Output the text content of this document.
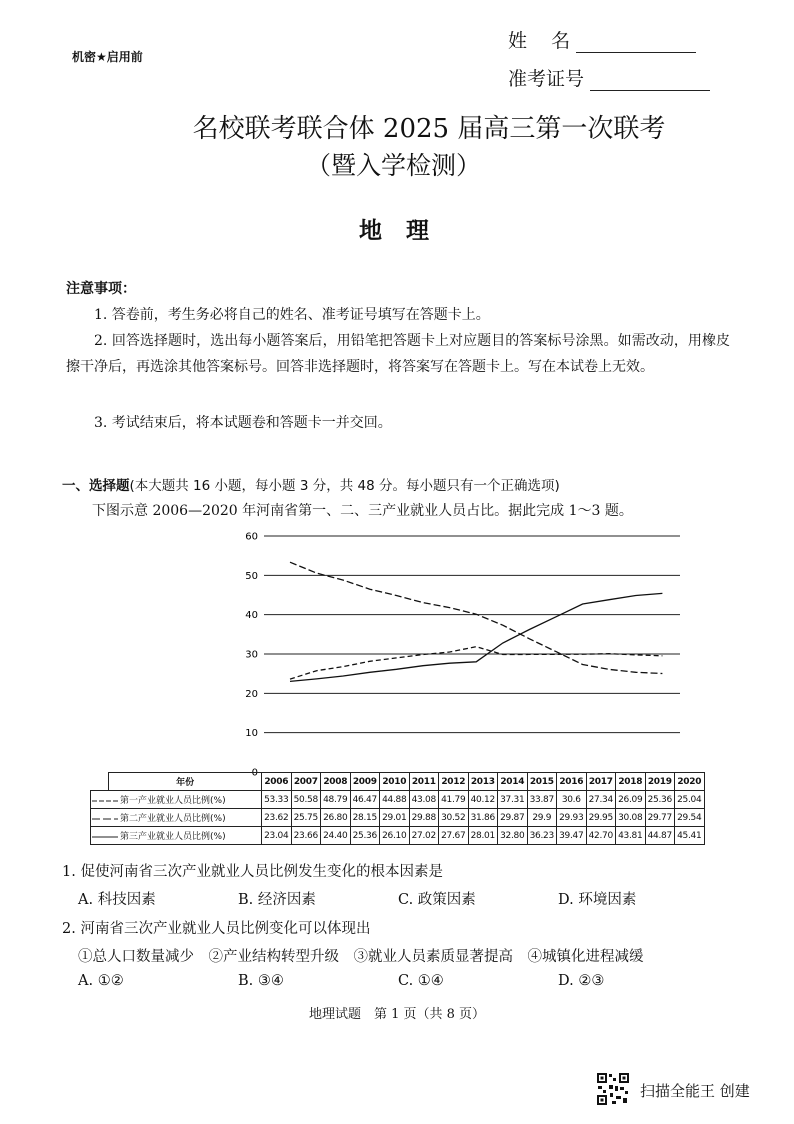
机密★启用前
姓    名
准考证号
名校联考联合体 2025 届高三第一次联考
（暨入学检测）
地理
注意事项：
1. 答卷前，考生务必将自己的姓名、准考证号填写在答题卡上。
2. 回答选择题时，选出每小题答案后，用铅笔把答题卡上对应题目的答案标号涂黑。如需改动，用橡皮擦干净后，再选涂其他答案标号。回答非选择题时，将答案写在答题卡上。写在本试卷上无效。
3. 考试结束后，将本试题卷和答题卡一并交回。
一、选择题(本大题共 16 小题，每小题 3 分，共 48 分。每小题只有一个正确选项)
下图示意 2006—2020 年河南省第一、二、三产业就业人员占比。据此完成 1～3 题。
60
50
40
30
20
10
0
	年份	2006	2007	2008	2009	2010	2011	2012	2013	2014	2015	2016	2017	2018	2019	2020
第一产业就业人员比例(%)		53.33	50.58	48.79	46.47	44.88	43.08	41.79	40.12	37.31	33.87	30.6	27.34	26.09	25.36	25.04
第二产业就业人员比例(%)		23.62	25.75	26.80	28.15	29.01	29.88	30.52	31.86	29.87	29.9	29.93	29.95	30.08	29.77	29.54
第三产业就业人员比例(%)		23.04	23.66	24.40	25.36	26.10	27.02	27.67	28.01	32.80	36.23	39.47	42.70	43.81	44.87	45.41
1. 促使河南省三次产业就业人员比例发生变化的根本因素是
A. 科技因素	B. 经济因素	C. 政策因素	D. 环境因素
2. 河南省三次产业就业人员比例变化可以体现出
①总人口数量减少　②产业结构转型升级　③就业人员素质显著提高　④城镇化进程减缓
A. ①②	B. ③④	C. ①④	D. ②③
地理试题　第 1 页（共 8 页）
扫描全能王 创建
